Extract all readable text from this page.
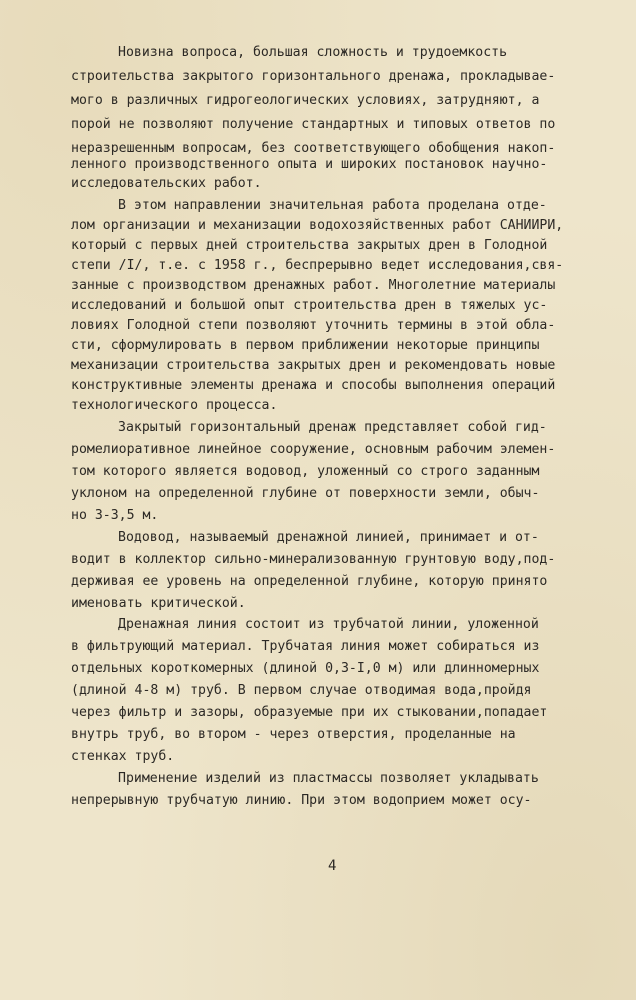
Новизна вопроса, большая сложность и трудоемкость
строительства закрытого горизонтального дренажа, прокладывае-
мого в различных гидрогеологических условиях, затрудняют, а
порой не позволяют получение стандартных и типовых ответов по
неразрешенным вопросам, без соответствующего обобщения накоп-
ленного производственного опыта и широких постановок научно-
исследовательских работ.
В этом направлении значительная работа проделана отде-
лом организации и механизации водохозяйственных работ САНИИРИ,
который с первых дней строительства закрытых дрен в Голодной
степи /I/, т.е. с 1958 г., беспрерывно ведет исследования,свя-
занные с производством дренажных работ. Многолетние материалы
исследований и большой опыт строительства дрен в тяжелых ус-
ловиях Голодной степи позволяют уточнить термины в этой обла-
сти, сформулировать в первом приближении некоторые принципы
механизации строительства закрытых дрен и рекомендовать новые
конструктивные элементы дренажа и способы выполнения операций
технологического процесса.
Закрытый горизонтальный дренаж представляет собой гид-
ромелиоративное линейное сооружение, основным рабочим элемен-
том которого является водовод, уложенный со строго заданным
уклоном на определенной глубине от поверхности земли, обыч-
но 3-3,5 м.
Водовод, называемый дренажной линией, принимает и от-
водит в коллектор сильно-минерализованную грунтовую воду,под-
держивая ее уровень на определенной глубине, которую принято
именовать критической.
Дренажная линия состоит из трубчатой линии, уложенной
в фильтрующий материал. Трубчатая линия может собираться из
отдельных короткомерных (длиной 0,3-I,0 м) или длинномерных
(длиной 4-8 м) труб. В первом случае отводимая вода,пройдя
через фильтр и зазоры, образуемые при их стыковании,попадает
внутрь труб, во втором - через отверстия, проделанные на
стенках труб.
Применение изделий из пластмассы позволяет укладывать
непрерывную трубчатую линию. При этом водоприем может осу-
4
